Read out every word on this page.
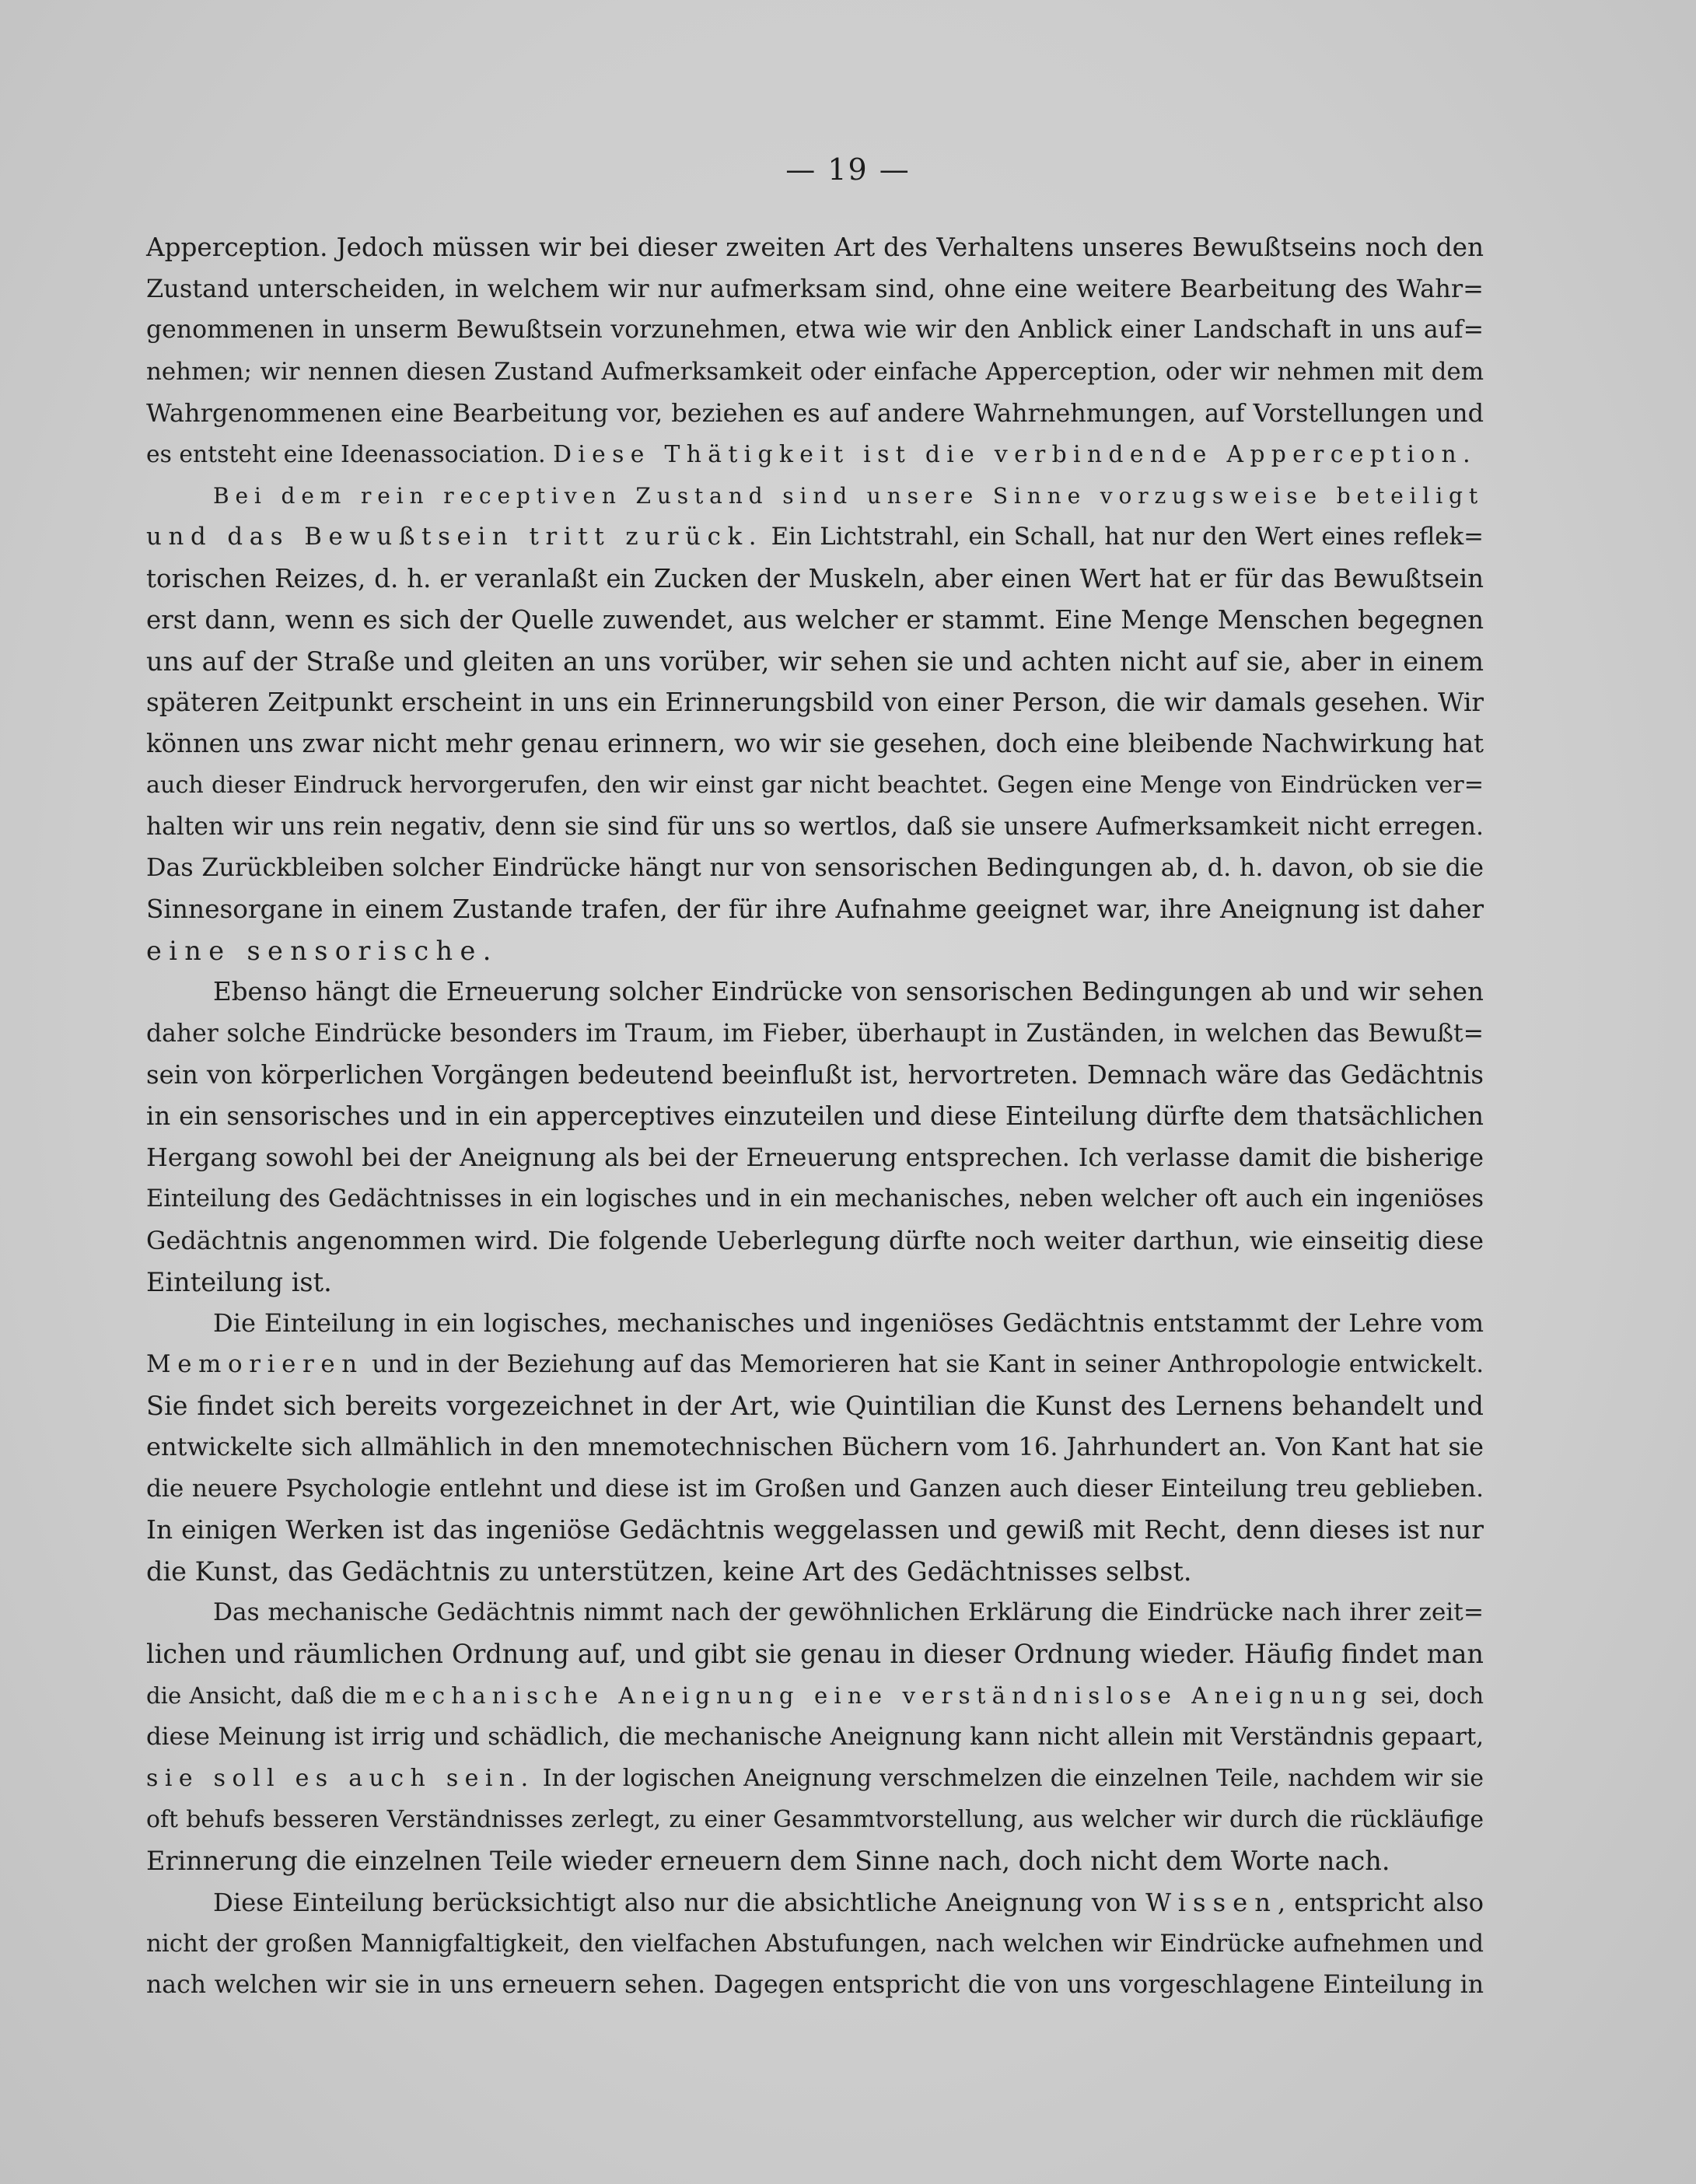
— 19 —

Apperception. Jedoch müssen wir bei dieser zweiten Art des Verhaltens unseres Bewußtseins noch den
Zustand unterscheiden, in welchem wir nur aufmerksam sind, ohne eine weitere Bearbeitung des Wahr=
genommenen in unserm Bewußtsein vorzunehmen, etwa wie wir den Anblick einer Landschaft in uns auf=
nehmen; wir nennen diesen Zustand Aufmerksamkeit oder einfache Apperception, oder wir nehmen mit dem
Wahrgenommenen eine Bearbeitung vor, beziehen es auf andere Wahrnehmungen, auf Vorstellungen und
es entsteht eine Ideenassociation. Diese Thätigkeit ist die verbindende Apperception.

Bei dem rein receptiven Zustand sind unsere Sinne vorzugsweise beteiligt
und das Bewußtsein tritt zurück. Ein Lichtstrahl, ein Schall, hat nur den Wert eines reflek=
torischen Reizes, d. h. er veranlaßt ein Zucken der Muskeln, aber einen Wert hat er für das Bewußtsein
erst dann, wenn es sich der Quelle zuwendet, aus welcher er stammt. Eine Menge Menschen begegnen
uns auf der Straße und gleiten an uns vorüber, wir sehen sie und achten nicht auf sie, aber in einem
späteren Zeitpunkt erscheint in uns ein Erinnerungsbild von einer Person, die wir damals gesehen. Wir
können uns zwar nicht mehr genau erinnern, wo wir sie gesehen, doch eine bleibende Nachwirkung hat
auch dieser Eindruck hervorgerufen, den wir einst gar nicht beachtet. Gegen eine Menge von Eindrücken ver=
halten wir uns rein negativ, denn sie sind für uns so wertlos, daß sie unsere Aufmerksamkeit nicht erregen.
Das Zurückbleiben solcher Eindrücke hängt nur von sensorischen Bedingungen ab, d. h. davon, ob sie die
Sinnesorgane in einem Zustande trafen, der für ihre Aufnahme geeignet war, ihre Aneignung ist daher
eine sensorische.

Ebenso hängt die Erneuerung solcher Eindrücke von sensorischen Bedingungen ab und wir sehen
daher solche Eindrücke besonders im Traum, im Fieber, überhaupt in Zuständen, in welchen das Bewußt=
sein von körperlichen Vorgängen bedeutend beeinflußt ist, hervortreten. Demnach wäre das Gedächtnis
in ein sensorisches und in ein apperceptives einzuteilen und diese Einteilung dürfte dem thatsächlichen
Hergang sowohl bei der Aneignung als bei der Erneuerung entsprechen. Ich verlasse damit die bisherige
Einteilung des Gedächtnisses in ein logisches und in ein mechanisches, neben welcher oft auch ein ingeniöses
Gedächtnis angenommen wird. Die folgende Ueberlegung dürfte noch weiter darthun, wie einseitig diese
Einteilung ist.

Die Einteilung in ein logisches, mechanisches und ingeniöses Gedächtnis entstammt der Lehre vom
Memorieren und in der Beziehung auf das Memorieren hat sie Kant in seiner Anthropologie entwickelt.
Sie findet sich bereits vorgezeichnet in der Art, wie Quintilian die Kunst des Lernens behandelt und
entwickelte sich allmählich in den mnemotechnischen Büchern vom 16. Jahrhundert an. Von Kant hat sie
die neuere Psychologie entlehnt und diese ist im Großen und Ganzen auch dieser Einteilung treu geblieben.
In einigen Werken ist das ingeniöse Gedächtnis weggelassen und gewiß mit Recht, denn dieses ist nur
die Kunst, das Gedächtnis zu unterstützen, keine Art des Gedächtnisses selbst.

Das mechanische Gedächtnis nimmt nach der gewöhnlichen Erklärung die Eindrücke nach ihrer zeit=
lichen und räumlichen Ordnung auf, und gibt sie genau in dieser Ordnung wieder. Häufig findet man
die Ansicht, daß die mechanische Aneignung eine verständnislose Aneignung sei, doch
diese Meinung ist irrig und schädlich, die mechanische Aneignung kann nicht allein mit Verständnis gepaart,
sie soll es auch sein. In der logischen Aneignung verschmelzen die einzelnen Teile, nachdem wir sie
oft behufs besseren Verständnisses zerlegt, zu einer Gesammtvorstellung, aus welcher wir durch die rückläufige
Erinnerung die einzelnen Teile wieder erneuern dem Sinne nach, doch nicht dem Worte nach.

Diese Einteilung berücksichtigt also nur die absichtliche Aneignung von Wissen, entspricht also
nicht der großen Mannigfaltigkeit, den vielfachen Abstufungen, nach welchen wir Eindrücke aufnehmen und
nach welchen wir sie in uns erneuern sehen. Dagegen entspricht die von uns vorgeschlagene Einteilung in
